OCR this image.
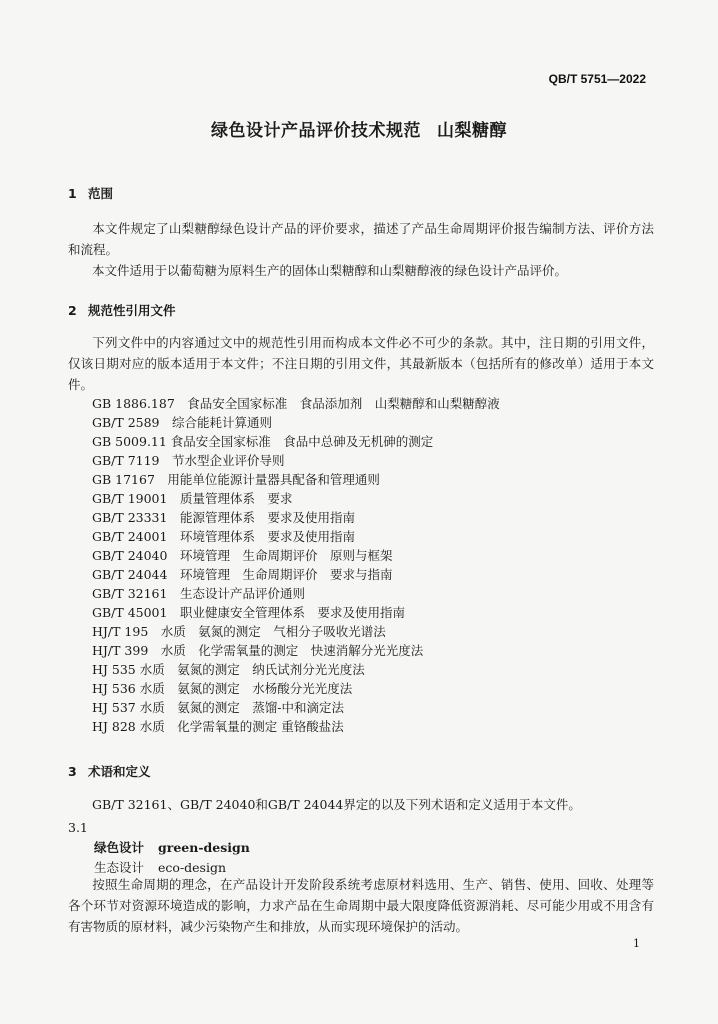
QB/T 5751—2022
绿色设计产品评价技术规范 山梨糖醇
1 范围
本文件规定了山梨糖醇绿色设计产品的评价要求，描述了产品生命周期评价报告编制方法、评价方法和流程。
本文件适用于以葡萄糖为原料生产的固体山梨糖醇和山梨糖醇液的绿色设计产品评价。
2 规范性引用文件
下列文件中的内容通过文中的规范性引用而构成本文件必不可少的条款。其中，注日期的引用文件，仅该日期对应的版本适用于本文件；不注日期的引用文件，其最新版本（包括所有的修改单）适用于本文件。
GB 1886.187　食品安全国家标准　食品添加剂　山梨糖醇和山梨糖醇液
GB/T 2589　综合能耗计算通则
GB 5009.11 食品安全国家标准　食品中总砷及无机砷的测定
GB/T 7119　节水型企业评价导则
GB 17167　用能单位能源计量器具配备和管理通则
GB/T 19001　质量管理体系　要求
GB/T 23331　能源管理体系　要求及使用指南
GB/T 24001　环境管理体系　要求及使用指南
GB/T 24040　环境管理　生命周期评价　原则与框架
GB/T 24044　环境管理　生命周期评价　要求与指南
GB/T 32161　生态设计产品评价通则
GB/T 45001　职业健康安全管理体系　要求及使用指南
HJ/T 195　水质　氨氮的测定　气相分子吸收光谱法
HJ/T 399　水质　化学需氧量的测定　快速消解分光光度法
HJ 535 水质　氨氮的测定　纳氏试剂分光光度法
HJ 536 水质　氨氮的测定　水杨酸分光光度法
HJ 537 水质　氨氮的测定　蒸馏-中和滴定法
HJ 828 水质　化学需氧量的测定 重铬酸盐法
3 术语和定义
GB/T 32161、GB/T 24040和GB/T 24044界定的以及下列术语和定义适用于本文件。
3.1
绿色设计 green-design
生态设计 eco-design
按照生命周期的理念，在产品设计开发阶段系统考虑原材料选用、生产、销售、使用、回收、处理等各个环节对资源环境造成的影响，力求产品在生命周期中最大限度降低资源消耗、尽可能少用或不用含有有害物质的原材料，减少污染物产生和排放，从而实现环境保护的活动。
1
